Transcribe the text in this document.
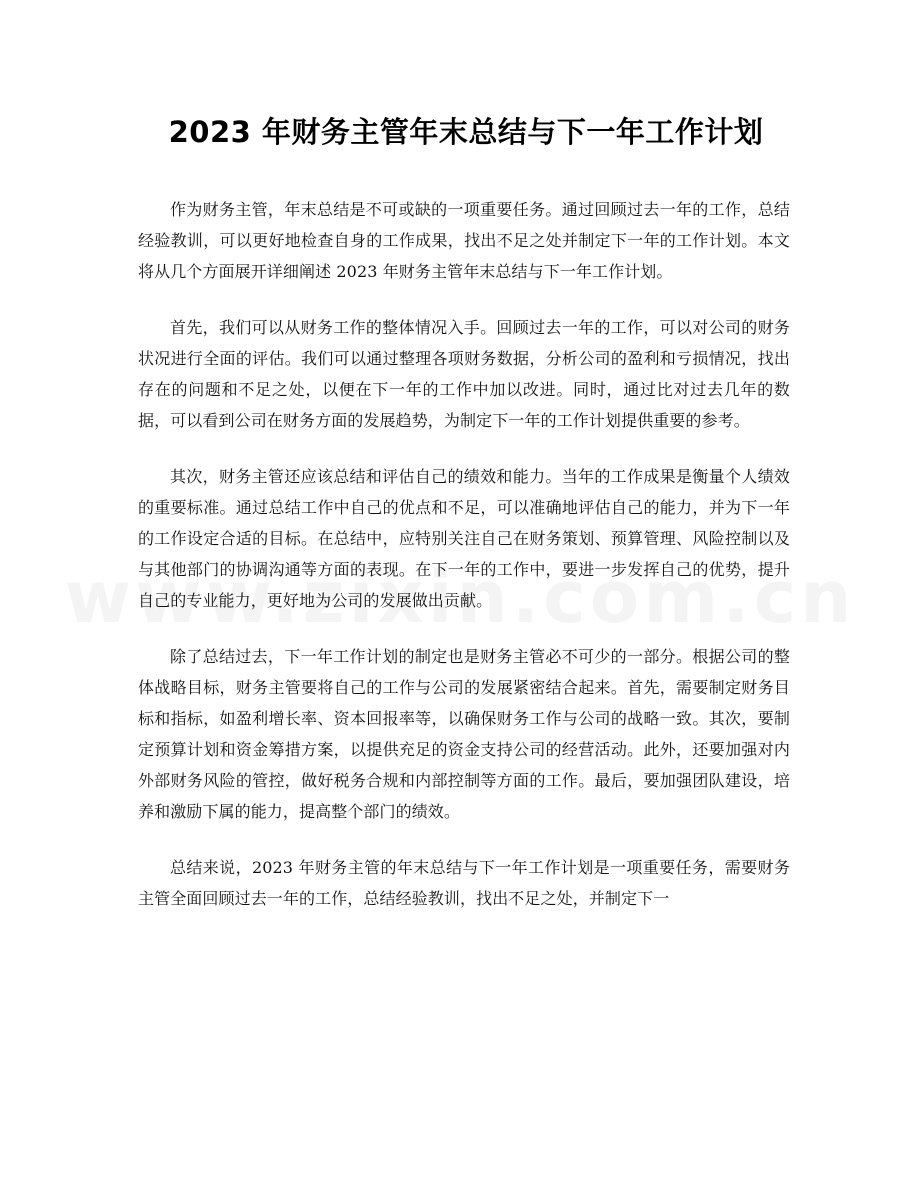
2023 年财务主管年末总结与下一年工作计划

作为财务主管，年末总结是不可或缺的一项重要任务。通过回顾过去一年的工作，总结经验教训，可以更好地检查自身的工作成果，找出不足之处并制定下一年的工作计划。本文将从几个方面展开详细阐述 2023 年财务主管年末总结与下一年工作计划。

首先，我们可以从财务工作的整体情况入手。回顾过去一年的工作，可以对公司的财务状况进行全面的评估。我们可以通过整理各项财务数据，分析公司的盈利和亏损情况，找出存在的问题和不足之处，以便在下一年的工作中加以改进。同时，通过比对过去几年的数据，可以看到公司在财务方面的发展趋势，为制定下一年的工作计划提供重要的参考。

其次，财务主管还应该总结和评估自己的绩效和能力。当年的工作成果是衡量个人绩效的重要标准。通过总结工作中自己的优点和不足，可以准确地评估自己的能力，并为下一年的工作设定合适的目标。在总结中，应特别关注自己在财务策划、预算管理、风险控制以及与其他部门的协调沟通等方面的表现。在下一年的工作中，要进一步发挥自己的优势，提升自己的专业能力，更好地为公司的发展做出贡献。

除了总结过去，下一年工作计划的制定也是财务主管必不可少的一部分。根据公司的整体战略目标，财务主管要将自己的工作与公司的发展紧密结合起来。首先，需要制定财务目标和指标，如盈利增长率、资本回报率等，以确保财务工作与公司的战略一致。其次，要制定预算计划和资金筹措方案，以提供充足的资金支持公司的经营活动。此外，还要加强对内外部财务风险的管控，做好税务合规和内部控制等方面的工作。最后，要加强团队建设，培养和激励下属的能力，提高整个部门的绩效。

总结来说，2023 年财务主管的年末总结与下一年工作计划是一项重要任务，需要财务主管全面回顾过去一年的工作，总结经验教训，找出不足之处，并制定下一
